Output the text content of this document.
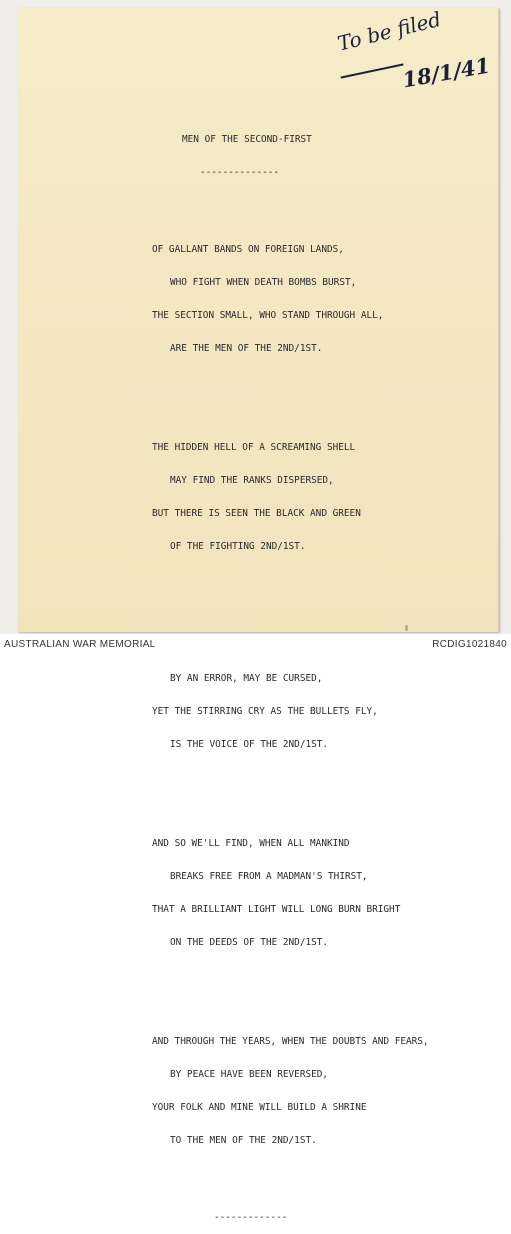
To be filed
18/1/41

MEN OF THE SECOND-FIRST

--------------

OF GALLANT BANDS ON FOREIGN LANDS,

WHO FIGHT WHEN DEATH BOMBS BURST,

THE SECTION SMALL, WHO STAND THROUGH ALL,

ARE THE MEN OF THE 2ND/1ST.

THE HIDDEN HELL OF A SCREAMING SHELL

MAY FIND THE RANKS DISPERSED,

BUT THERE IS SEEN THE BLACK AND GREEN

OF THE FIGHTING 2ND/1ST.

BY AN ERROR, MAY BE CURSED,

YET THE STIRRING CRY AS THE BULLETS FLY,

IS THE VOICE OF THE 2ND/1ST.

AND SO WE'LL FIND, WHEN ALL MANKIND

BREAKS FREE FROM A MADMAN'S THIRST,

THAT A BRILLIANT LIGHT WILL LONG BURN BRIGHT

ON THE DEEDS OF THE 2ND/1ST.

AND THROUGH THE YEARS, WHEN THE DOUBTS AND FEARS,

BY PEACE HAVE BEEN REVERSED,

YOUR FOLK AND MINE WILL BUILD A SHRINE

TO THE MEN OF THE 2ND/1ST.

-------------

AUSTRALIAN WAR MEMORIAL	RCDIG1021840
